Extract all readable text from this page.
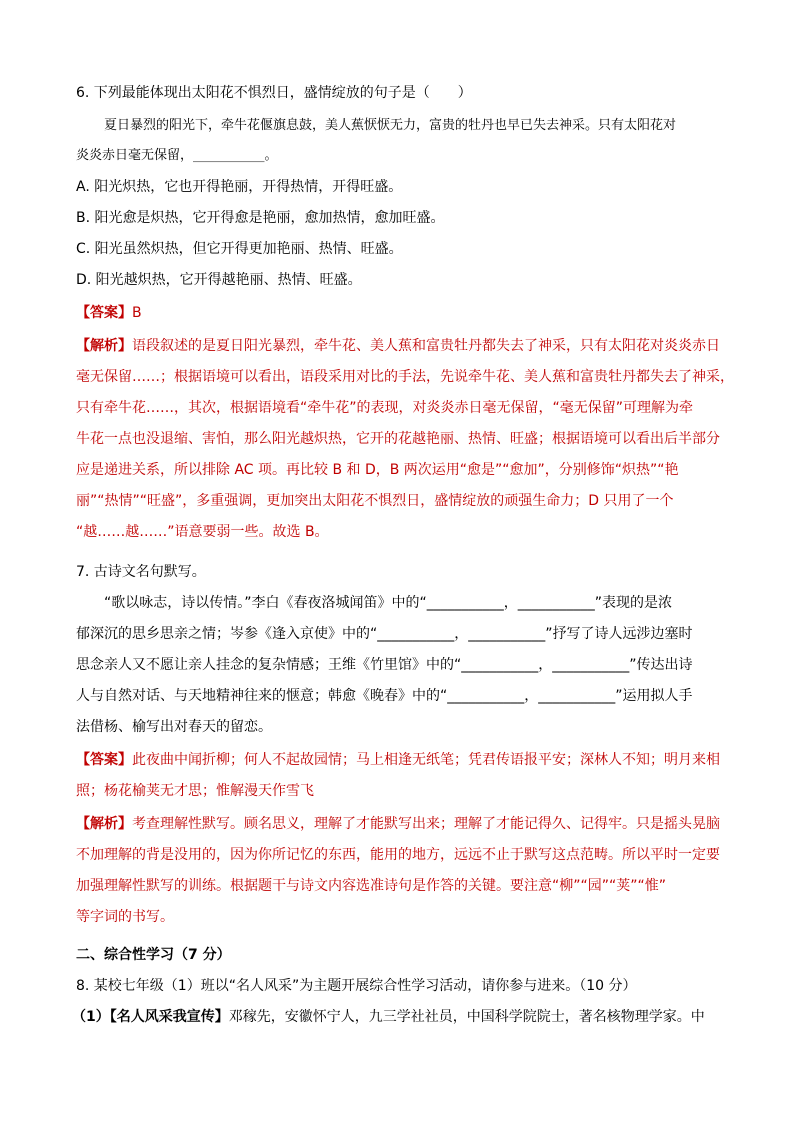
6. 下列最能体现出太阳花不惧烈日，盛情绽放的句子是（　　）
夏日暴烈的阳光下，牵牛花偃旗息鼓，美人蕉恹恹无力，富贵的牡丹也早已失去神采。只有太阳花对
炎炎赤日毫无保留，___________。
A. 阳光炽热，它也开得艳丽，开得热情，开得旺盛。
B. 阳光愈是炽热，它开得愈是艳丽，愈加热情，愈加旺盛。
C. 阳光虽然炽热，但它开得更加艳丽、热情、旺盛。
D. 阳光越炽热，它开得越艳丽、热情、旺盛。
【答案】B
【解析】语段叙述的是夏日阳光暴烈，牵牛花、美人蕉和富贵牡丹都失去了神采，只有太阳花对炎炎赤日
毫无保留……；根据语境可以看出，语段采用对比的手法，先说牵牛花、美人蕉和富贵牡丹都失去了神采，
只有牵牛花……，其次，根据语境看“牵牛花”的表现，对炎炎赤日毫无保留，“毫无保留”可理解为牵
牛花一点也没退缩、害怕，那么阳光越炽热，它开的花越艳丽、热情、旺盛；根据语境可以看出后半部分
应是递进关系，所以排除 AC 项。再比较 B 和 D，B 两次运用“愈是”“愈加”，分别修饰“炽热”“艳
丽”“热情”“旺盛”，多重强调，更加突出太阳花不惧烈日，盛情绽放的顽强生命力；D 只用了一个
“越……越……”语意要弱一些。故选 B。
7. 古诗文名句默写。
“歌以咏志，诗以传情。”李白《春夜洛城闻笛》中的“___________，___________”表现的是浓
郁深沉的思乡思亲之情；岑参《逢入京使》中的“___________，___________”抒写了诗人远涉边塞时
思念亲人又不愿让亲人挂念的复杂情感；王维《竹里馆》中的“___________，___________”传达出诗
人与自然对话、与天地精神往来的惬意；韩愈《晚春》中的“___________，___________”运用拟人手
法借杨、榆写出对春天的留恋。
【答案】此夜曲中闻折柳；何人不起故园情；马上相逢无纸笔；凭君传语报平安；深林人不知；明月来相
照；杨花榆荚无才思；惟解漫天作雪飞
【解析】考查理解性默写。顾名思义，理解了才能默写出来；理解了才能记得久、记得牢。只是摇头晃脑
不加理解的背是没用的，因为你所记忆的东西，能用的地方，远远不止于默写这点范畴。所以平时一定要
加强理解性默写的训练。根据题干与诗文内容选准诗句是作答的关键。要注意“柳”“园”“荚”“惟”
等字词的书写。
二、综合性学习（7 分）
8. 某校七年级（1）班以“名人风采”为主题开展综合性学习活动，请你参与进来。（10 分）
（1）【名人风采我宣传】邓稼先，安徽怀宁人，九三学社社员，中国科学院院士，著名核物理学家。中
